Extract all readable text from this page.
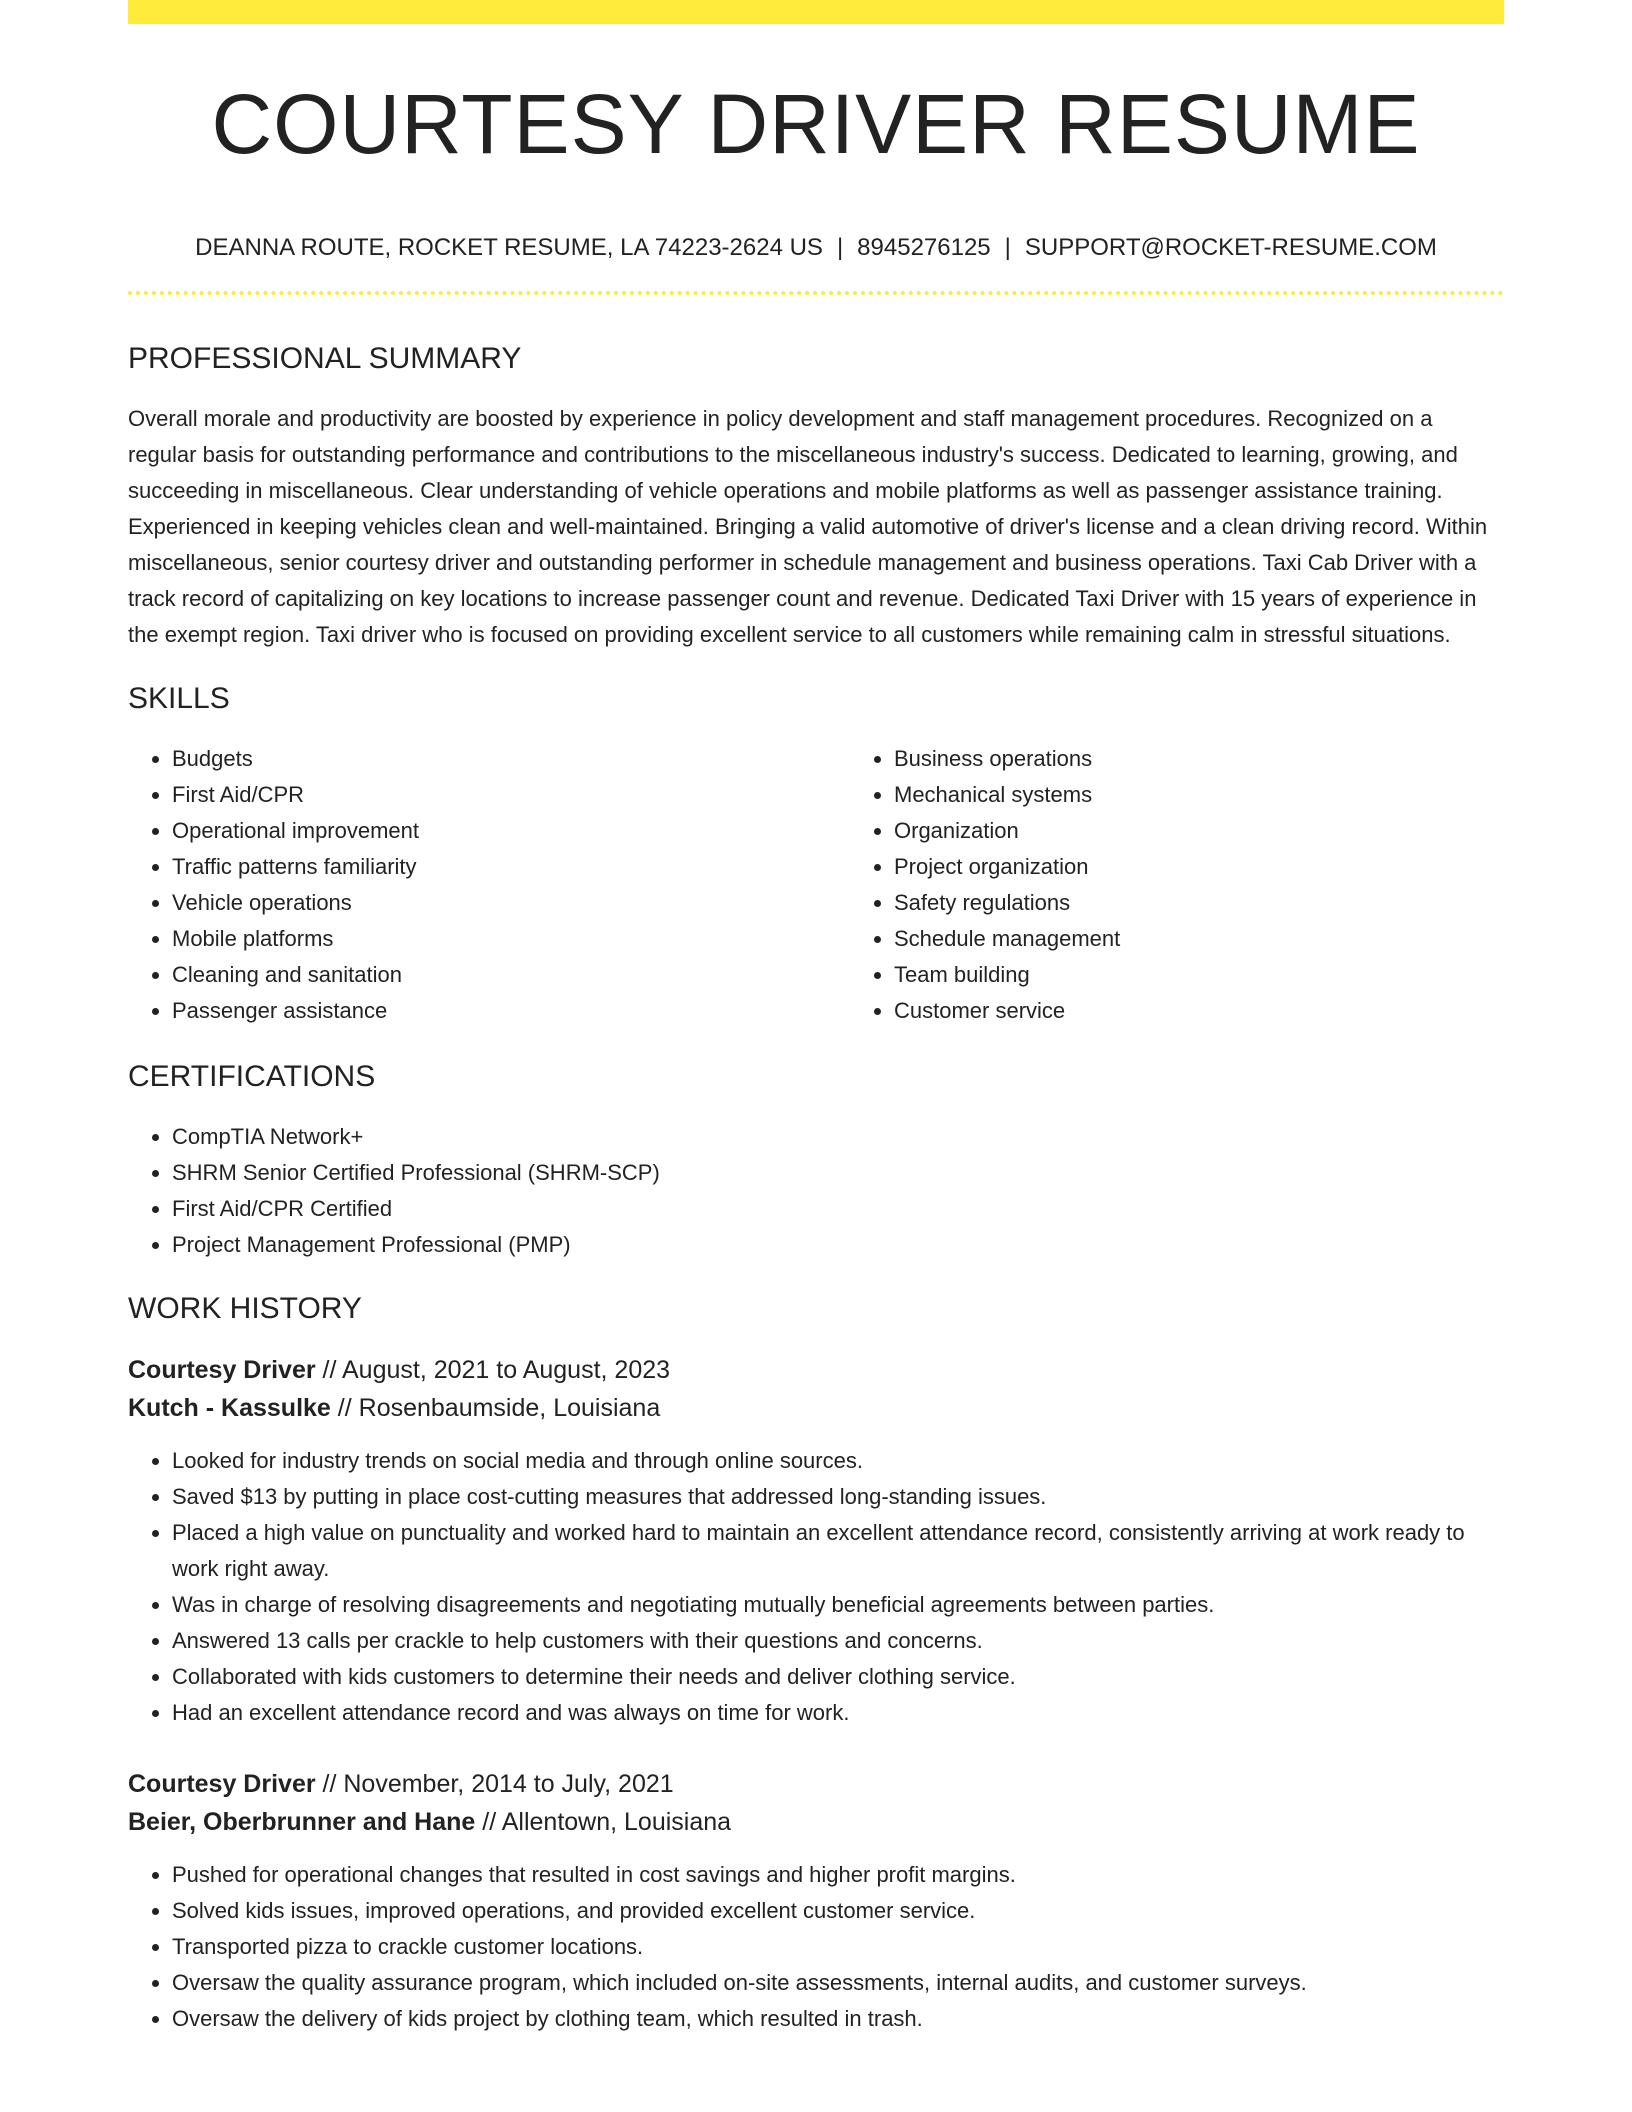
COURTESY DRIVER RESUME
DEANNA ROUTE, ROCKET RESUME, LA 74223-2624 US | 8945276125 | SUPPORT@ROCKET-RESUME.COM
PROFESSIONAL SUMMARY

Overall morale and productivity are boosted by experience in policy development and staff management procedures. Recognized on a regular basis for outstanding performance and contributions to the miscellaneous industry's success. Dedicated to learning, growing, and succeeding in miscellaneous. Clear understanding of vehicle operations and mobile platforms as well as passenger assistance training. Experienced in keeping vehicles clean and well-maintained. Bringing a valid automotive of driver's license and a clean driving record. Within miscellaneous, senior courtesy driver and outstanding performer in schedule management and business operations. Taxi Cab Driver with a track record of capitalizing on key locations to increase passenger count and revenue. Dedicated Taxi Driver with 15 years of experience in the exempt region. Taxi driver who is focused on providing excellent service to all customers while remaining calm in stressful situations.

SKILLS
• Budgets
• First Aid/CPR
• Operational improvement
• Traffic patterns familiarity
• Vehicle operations
• Mobile platforms
• Cleaning and sanitation
• Passenger assistance
• Business operations
• Mechanical systems
• Organization
• Project organization
• Safety regulations
• Schedule management
• Team building
• Customer service
CERTIFICATIONS
• CompTIA Network+
• SHRM Senior Certified Professional (SHRM-SCP)
• First Aid/CPR Certified
• Project Management Professional (PMP)
WORK HISTORY
Courtesy Driver // August, 2021 to August, 2023
Kutch - Kassulke // Rosenbaumside, Louisiana
• Looked for industry trends on social media and through online sources.
• Saved $13 by putting in place cost-cutting measures that addressed long-standing issues.
• Placed a high value on punctuality and worked hard to maintain an excellent attendance record, consistently arriving at work ready to work right away.
• Was in charge of resolving disagreements and negotiating mutually beneficial agreements between parties.
• Answered 13 calls per crackle to help customers with their questions and concerns.
• Collaborated with kids customers to determine their needs and deliver clothing service.
• Had an excellent attendance record and was always on time for work.
Courtesy Driver // November, 2014 to July, 2021
Beier, Oberbrunner and Hane // Allentown, Louisiana
• Pushed for operational changes that resulted in cost savings and higher profit margins.
• Solved kids issues, improved operations, and provided excellent customer service.
• Transported pizza to crackle customer locations.
• Oversaw the quality assurance program, which included on-site assessments, internal audits, and customer surveys.
• Oversaw the delivery of kids project by clothing team, which resulted in trash.
